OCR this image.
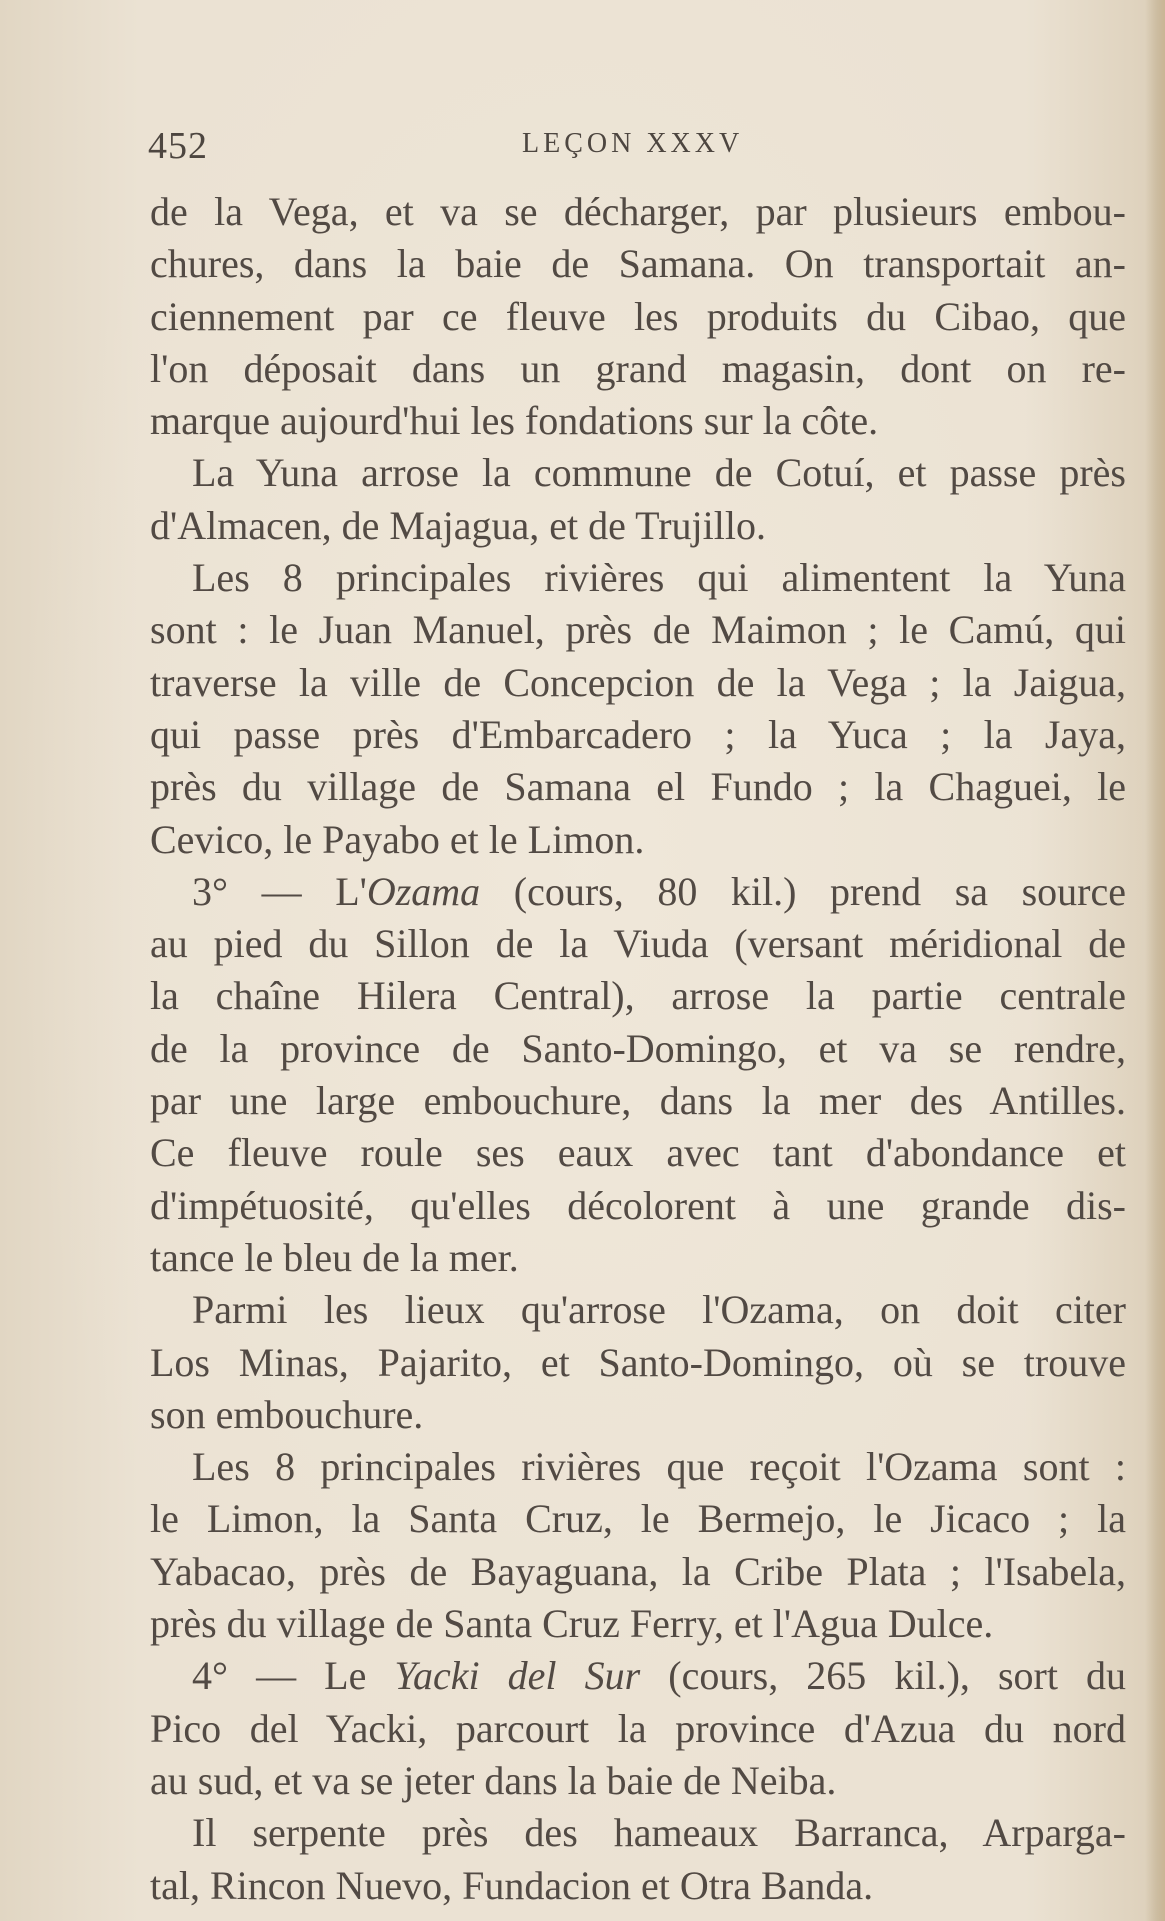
452	LEÇON XXXV

de la Vega, et va se décharger, par plusieurs embou-
chures, dans la baie de Samana. On transportait an-
ciennement par ce fleuve les produits du Cibao, que
l'on déposait dans un grand magasin, dont on re-
marque aujourd'hui les fondations sur la côte.

La Yuna arrose la commune de Cotuí, et passe près
d'Almacen, de Majagua, et de Trujillo.

Les 8 principales rivières qui alimentent la Yuna
sont : le Juan Manuel, près de Maimon ; le Camú, qui
traverse la ville de Concepcion de la Vega ; la Jaigua,
qui passe près d'Embarcadero ; la Yuca ; la Jaya,
près du village de Samana el Fundo ; la Chaguei, le
Cevico, le Payabo et le Limon.

3° — L'Ozama (cours, 80 kil.) prend sa source
au pied du Sillon de la Viuda (versant méridional de
la chaîne Hilera Central), arrose la partie centrale
de la province de Santo-Domingo, et va se rendre,
par une large embouchure, dans la mer des Antilles.
Ce fleuve roule ses eaux avec tant d'abondance et
d'impétuosité, qu'elles décolorent à une grande dis-
tance le bleu de la mer.

Parmi les lieux qu'arrose l'Ozama, on doit citer
Los Minas, Pajarito, et Santo-Domingo, où se trouve
son embouchure.

Les 8 principales rivières que reçoit l'Ozama sont :
le Limon, la Santa Cruz, le Bermejo, le Jicaco ; la
Yabacao, près de Bayaguana, la Cribe Plata ; l'Isabela,
près du village de Santa Cruz Ferry, et l'Agua Dulce.

4° — Le Yacki del Sur (cours, 265 kil.), sort du
Pico del Yacki, parcourt la province d'Azua du nord
au sud, et va se jeter dans la baie de Neiba.

Il serpente près des hameaux Barranca, Arparga-
tal, Rincon Nuevo, Fundacion et Otra Banda.
